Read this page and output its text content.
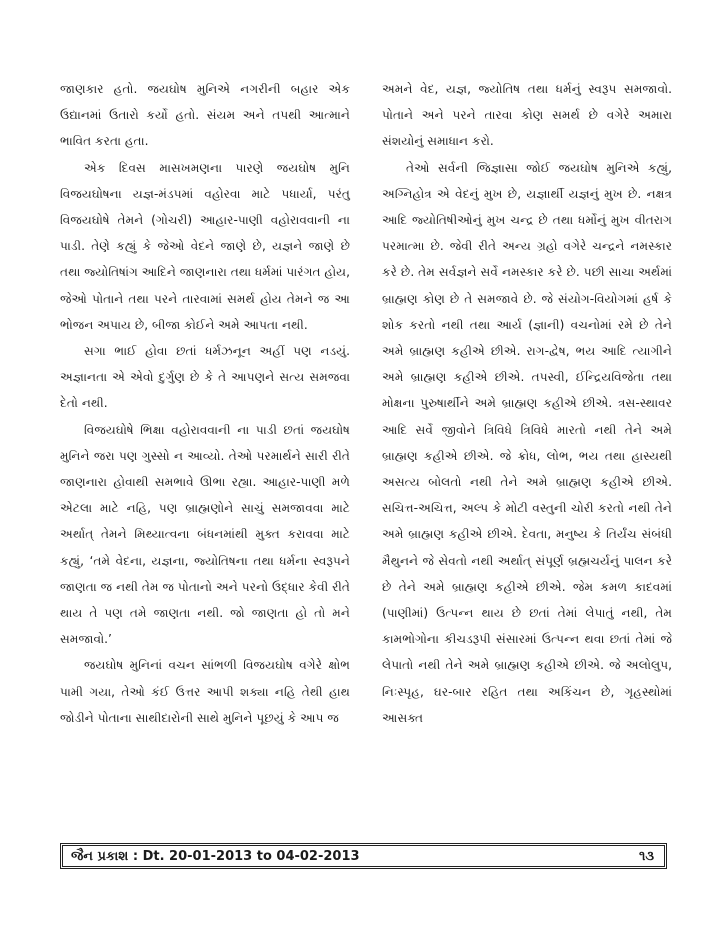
જાણકાર હતો. જયઘોષ મુનિએ નગરીની બહાર એક ઉદ્યાનમાં ઉતારો કર્યો હતો. સંયમ અને તપથી આત્માને ભાવિત કરતા હતા.

એક દિવસ માસખમણના પારણે જયઘોષ મુનિ વિજયઘોષના યજ્ઞ-મંડપમાં વહોરવા માટે પધાર્યા, પરંતુ વિજયઘોષે તેમને (ગોચરી) આહાર-પાણી વહોરાવવાની ના પાડી. તેણે કહ્યું કે જેઓ વેદને જાણે છે, યજ્ઞને જાણે છે તથા જ્યોતિષાંગ આદિને જાણનારા તથા ધર્મમાં પારંગત હોય, જેઓ પોતાને તથા પરને તારવામાં સમર્થ હોય તેમને જ આ ભોજન અપાય છે, બીજા કોઈને અમે આપતા નથી.

સગા ભાઈ હોવા છતાં ધર્મઝનૂન અહીં પણ નડયું. અજ્ઞાનતા એ એવો દુર્ગુણ છે કે તે આપણને સત્ય સમજવા દેતો નથી.

વિજયઘોષે ભિક્ષા વહોરાવવાની ના પાડી છતાં જયઘોષ મુનિને જરા પણ ગુસ્સો ન આવ્યો. તેઓ પરમાર્થને સારી રીતે જાણનારા હોવાથી સમભાવે ઊભા રહ્યા. આહાર-પાણી મળે એટલા માટે નહિ, પણ બ્રાહ્મણોને સાચું સમજાવવા માટે અર્થાત્ તેમને મિથ્યાત્વના બંધનમાંથી મુક્ત કરાવવા માટે કહ્યું, ‘તમે વેદના, યજ્ઞના, જ્યોતિષના તથા ધર્મના સ્વરૂપને જાણતા જ નથી તેમ જ પોતાનો અને પરનો ઉદ્ધાર કેવી રીતે થાય તે પણ તમે જાણતા નથી. જો જાણતા હો તો મને સમજાવો.’

જયઘોષ મુનિનાં વચન સાંભળી વિજયઘોષ વગેરે ક્ષોભ પામી ગયા, તેઓ કંઈ ઉત્તર આપી શક્યા નહિ તેથી હાથ જોડીને પોતાના સાથીદારોની સાથે મુનિને પૂછયું કે આપ જ

અમને વેદ, યજ્ઞ, જ્યોતિષ તથા ધર્મનું સ્વરૂપ સમજાવો. પોતાને અને પરને તારવા કોણ સમર્થ છે વગેરે અમારા સંશયોનું સમાધાન કરો.

તેઓ સર્વની જિજ્ઞાસા જોઈ જયઘોષ મુનિએ કહ્યું, અગ્નિહોત્ર એ વેદનું મુખ છે, યજ્ઞાર્થી યજ્ઞનું મુખ છે. નક્ષત્ર આદિ જ્યોતિષીઓનું મુખ ચન્દ્ર છે તથા ધર્મોનું મુખ વીતરાગ પરમાત્મા છે. જેવી રીતે અન્ય ગ્રહો વગેરે ચન્દ્રને નમસ્કાર કરે છે. તેમ સર્વજ્ઞને સર્વે નમસ્કાર કરે છે. પછી સાચા અર્થમાં બ્રાહ્મણ કોણ છે તે સમજાવે છે. જે સંયોગ-વિયોગમાં હર્ષ કે શોક કરતો નથી તથા આર્ય (જ્ઞાની) વચનોમાં રમે છે તેને અમે બ્રાહ્મણ કહીએ છીએ. રાગ-દ્વેષ, ભય આદિ ત્યાગીને અમે બ્રાહ્મણ કહીએ છીએ. તપસ્વી, ઈન્દ્રિયવિજેતા તથા મોક્ષના પુરુષાર્થીને અમે બ્રાહ્મણ કહીએ છીએ. ત્રસ-સ્થાવર આદિ સર્વે જીવોને ત્રિવિધે ત્રિવિધે મારતો નથી તેને અમે બ્રાહ્મણ કહીએ છીએ. જે ક્રોધ, લોભ, ભય તથા હાસ્યથી અસત્ય બોલતો નથી તેને અમે બ્રાહ્મણ કહીએ છીએ. સચિત્ત-અચિત્ત, અલ્પ કે મોટી વસ્તુની ચોરી કરતો નથી તેને અમે બ્રાહ્મણ કહીએ છીએ. દેવતા, મનુષ્ય કે તિર્યંચ સંબંધી મૈથુનને જે સેવતો નથી અર્થાત્ સંપૂર્ણ બ્રહ્મચર્યનું પાલન કરે છે તેને અમે બ્રાહ્મણ કહીએ છીએ. જેમ કમળ કાદવમાં (પાણીમાં) ઉત્પન્ન થાય છે છતાં તેમાં લેપાતું નથી, તેમ કામભોગોના કીચડરૂપી સંસારમાં ઉત્પન્ન થવા છતાં તેમાં જે લેપાતો નથી તેને અમે બ્રાહ્મણ કહીએ છીએ. જે અલોલુપ, નિઃસ્પૃહ, ઘર-બાર રહિત તથા અકિંચન છે, ગૃહસ્થોમાં આસક્ત

જૈન પ્રકાશ : Dt. 20-01-2013 to 04-02-2013	૧૩
